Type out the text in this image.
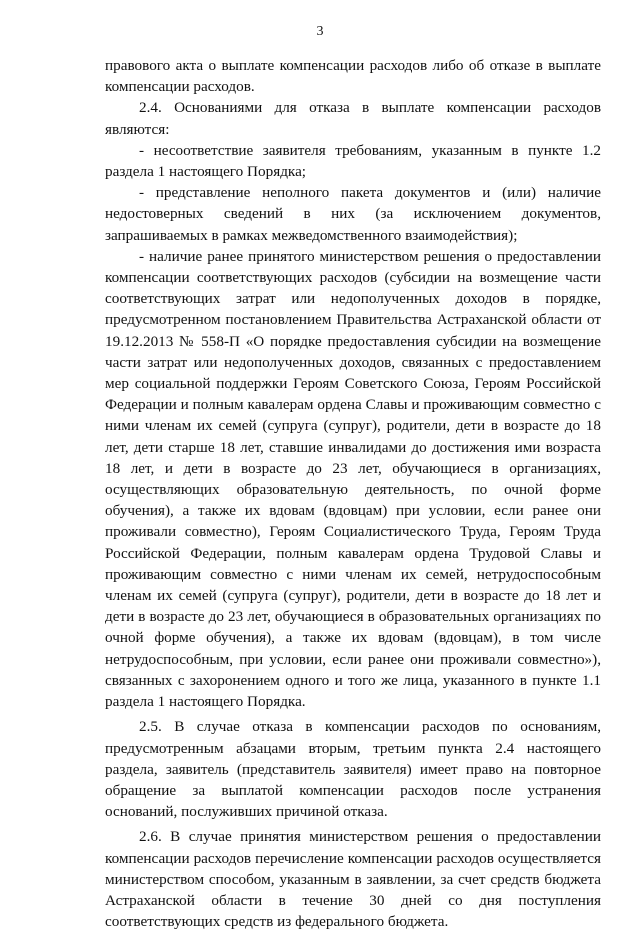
3

правового акта о выплате компенсации расходов либо об отказе в выплате компенсации расходов.

2.4. Основаниями для отказа в выплате компенсации расходов являются:

- несоответствие заявителя требованиям, указанным в пункте 1.2 раздела 1 настоящего Порядка;

- представление неполного пакета документов и (или) наличие недостоверных сведений в них (за исключением документов, запрашиваемых в рамках межведомственного взаимодействия);

- наличие ранее принятого министерством решения о предоставлении компенсации соответствующих расходов (субсидии на возмещение части соответствующих затрат или недополученных доходов в порядке, предусмотренном постановлением Правительства Астраханской области от 19.12.2013 № 558-П «О порядке предоставления субсидии на возмещение части затрат или недополученных доходов, связанных с предоставлением мер социальной поддержки Героям Советского Союза, Героям Российской Федерации и полным кавалерам ордена Славы и проживающим совместно с ними членам их семей (супруга (супруг), родители, дети в возрасте до 18 лет, дети старше 18 лет, ставшие инвалидами до достижения ими возраста 18 лет, и дети в возрасте до 23 лет, обучающиеся в организациях, осуществляющих образовательную деятельность, по очной форме обучения), а также их вдовам (вдовцам) при условии, если ранее они проживали совместно), Героям Социалистического Труда, Героям Труда Российской Федерации, полным кавалерам ордена Трудовой Славы и проживающим совместно с ними членам их семей, нетрудоспособным членам их семей (супруга (супруг), родители, дети в возрасте до 18 лет и дети в возрасте до 23 лет, обучающиеся в образовательных организациях по очной форме обучения), а также их вдовам (вдовцам), в том числе нетрудоспособным, при условии, если ранее они проживали совместно»), связанных с захоронением одного и того же лица, указанного в пункте 1.1 раздела 1 настоящего Порядка.

2.5. В случае отказа в компенсации расходов по основаниям, предусмотренным абзацами вторым, третьим пункта 2.4 настоящего раздела, заявитель (представитель заявителя) имеет право на повторное обращение за выплатой компенсации расходов после устранения оснований, послуживших причиной отказа.

2.6. В случае принятия министерством решения о предоставлении компенсации расходов перечисление компенсации расходов осуществляется министерством способом, указанным в заявлении, за счет средств бюджета Астраханской области в течение 30 дней со дня поступления соответствующих средств из федерального бюджета.
